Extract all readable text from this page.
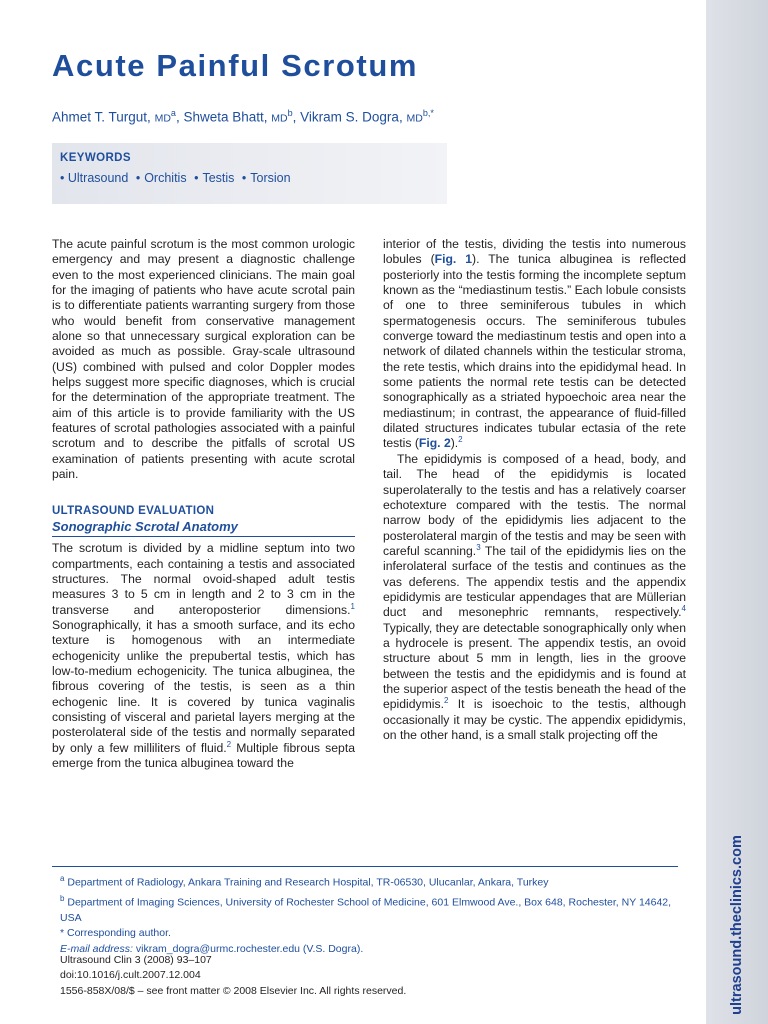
ultrasound.theclinics.com
Acute Painful Scrotum
Ahmet T. Turgut, $MD^a$, Shweta Bhatt, $MD^b$, Vikram S. Dogra, $MD^{b,*}$
KEYWORDS
• Ultrasound • Orchitis • Testis • Torsion

The acute painful scrotum is the most common urologic emergency and may present a diagnostic challenge even to the most experienced clinicians. The main goal for the imaging of patients who have acute scrotal pain is to differentiate patients warranting surgery from those who would benefit from conservative management alone so that unnecessary surgical exploration can be avoided as much as possible. Gray-scale ultrasound (US) combined with pulsed and color Doppler modes helps suggest more specific diagnoses, which is crucial for the determination of the appropriate treatment. The aim of this article is to provide familiarity with the US features of scrotal pathologies associated with a painful scrotum and to describe the pitfalls of scrotal US examination of patients presenting with acute scrotal pain.

ULTRASOUND EVALUATION
Sonographic Scrotal Anatomy

The scrotum is divided by a midline septum into two compartments, each containing a testis and associated structures. The normal ovoid-shaped adult testis measures 3 to 5 cm in length and 2 to 3 cm in the transverse and anteroposterior dimensions.$^1$ Sonographically, it has a smooth surface, and its echo texture is homogenous with an intermediate echogenicity unlike the prepubertal testis, which has low-to-medium echogenicity. The tunica albuginea, the fibrous covering of the testis, is seen as a thin echogenic line. It is covered by tunica vaginalis consisting of visceral and parietal layers merging at the posterolateral side of the testis and normally separated by only a few milliliters of fluid.$^2$ Multiple fibrous septa emerge from the tunica albuginea toward the

interior of the testis, dividing the testis into numerous lobules (Fig. 1). The tunica albuginea is reflected posteriorly into the testis forming the incomplete septum known as the “mediastinum testis.” Each lobule consists of one to three seminiferous tubules in which spermatogenesis occurs. The seminiferous tubules converge toward the mediastinum testis and open into a network of dilated channels within the testicular stroma, the rete testis, which drains into the epididymal head. In some patients the normal rete testis can be detected sonographically as a striated hypoechoic area near the mediastinum; in contrast, the appearance of fluid-filled dilated structures indicates tubular ectasia of the rete testis (Fig. 2).$^2$

The epididymis is composed of a head, body, and tail. The head of the epididymis is located superolaterally to the testis and has a relatively coarser echotexture compared with the testis. The normal narrow body of the epididymis lies adjacent to the posterolateral margin of the testis and may be seen with careful scanning.$^3$ The tail of the epididymis lies on the inferolateral surface of the testis and continues as the vas deferens. The appendix testis and the appendix epididymis are testicular appendages that are Müllerian duct and mesonephric remnants, respectively.$^4$ Typically, they are detectable sonographically only when a hydrocele is present. The appendix testis, an ovoid structure about 5 mm in length, lies in the groove between the testis and the epididymis and is found at the superior aspect of the testis beneath the head of the epididymis.$^2$ It is isoechoic to the testis, although occasionally it may be cystic. The appendix epididymis, on the other hand, is a small stalk projecting off the

$^a$ Department of Radiology, Ankara Training and Research Hospital, TR-06530, Ulucanlar, Ankara, Turkey
$^b$ Department of Imaging Sciences, University of Rochester School of Medicine, 601 Elmwood Ave., Box 648, Rochester, NY 14642, USA
* Corresponding author.
E-mail address: vikram_dogra@urmc.rochester.edu (V.S. Dogra).
Ultrasound Clin 3 (2008) 93–107
doi:10.1016/j.cult.2007.12.004
1556-858X/08/$ – see front matter © 2008 Elsevier Inc. All rights reserved.
